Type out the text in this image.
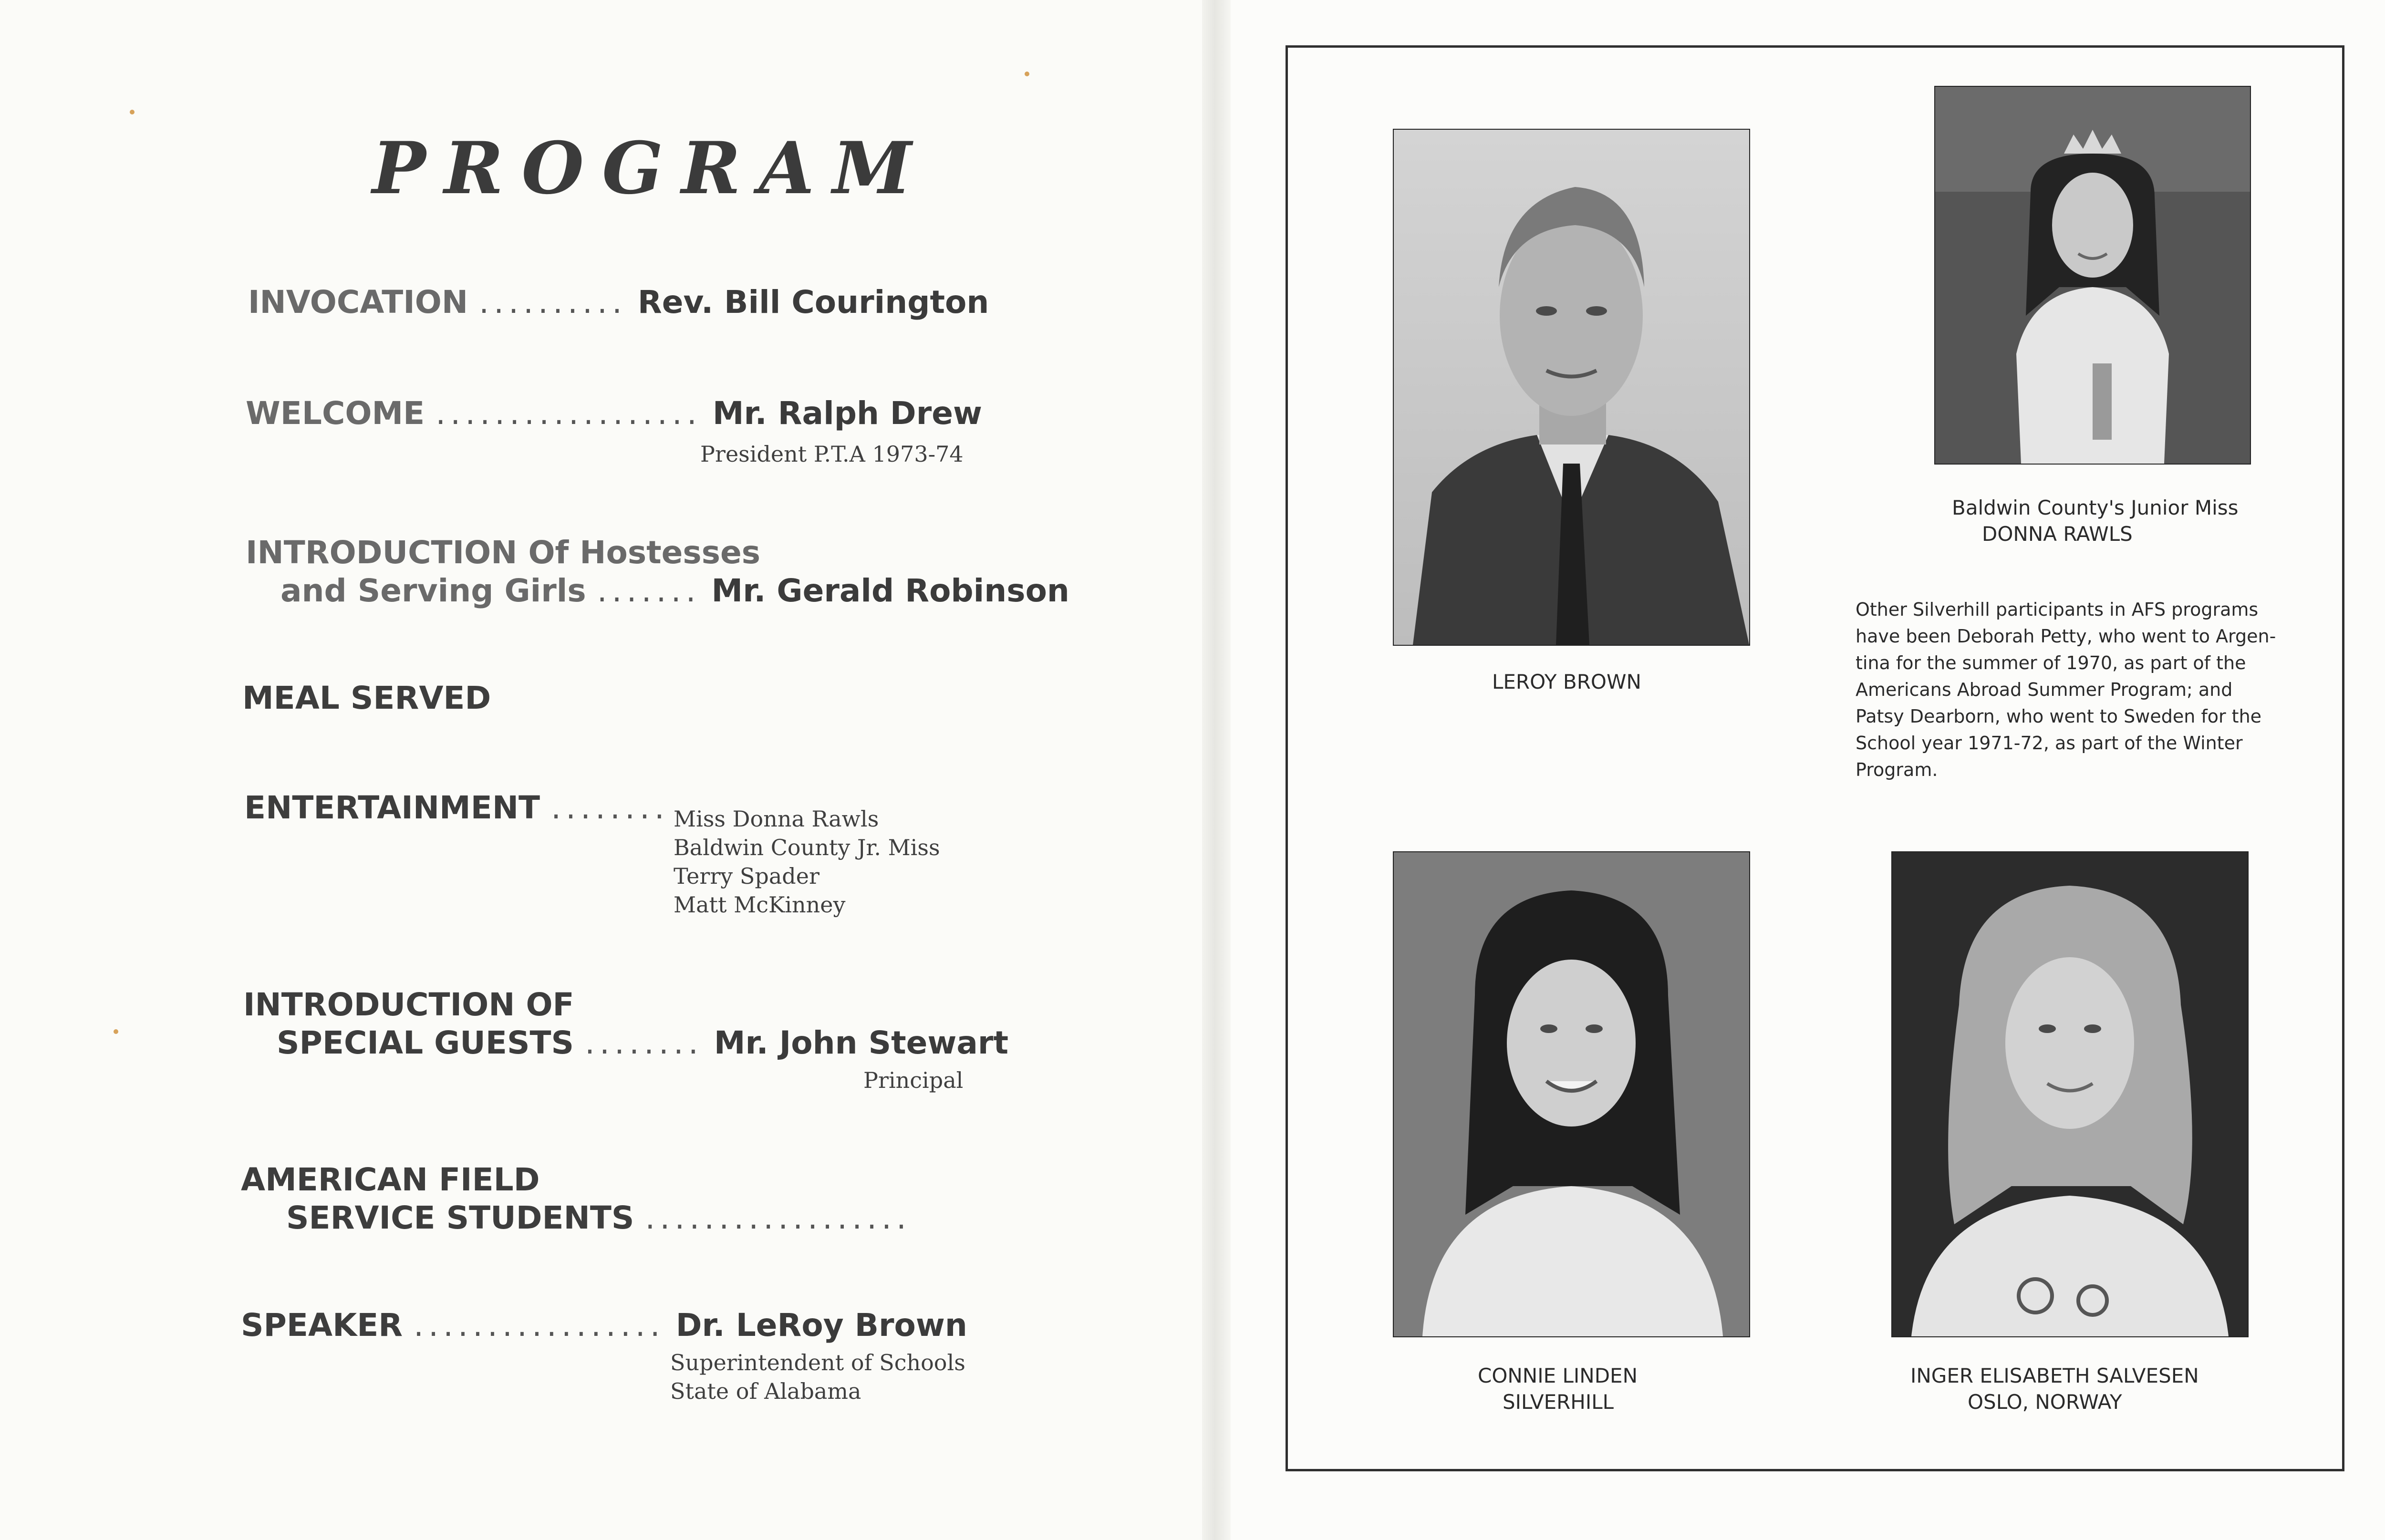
PROGRAM
INVOCATION .......... Rev. Bill Courington
WELCOME .................. Mr. Ralph Drew
President P.T.A 1973-74
INTRODUCTION Of Hostesses
and Serving Girls ....... Mr. Gerald Robinson
MEAL SERVED
ENTERTAINMENT ........ Miss Donna Rawls
Baldwin County Jr. Miss
Terry Spader
Matt McKinney
INTRODUCTION OF
SPECIAL GUESTS ........ Mr. John Stewart
Principal
AMERICAN FIELD
SERVICE STUDENTS ..................
SPEAKER ................. Dr. LeRoy Brown
Superintendent of Schools
State of Alabama
LEROY BROWN
Baldwin County's Junior Miss
DONNA RAWLS
Other Silverhill participants in AFS programs
have been Deborah Petty, who went to Argen-
tina for the summer of 1970, as part of the
Americans Abroad Summer Program; and
Patsy Dearborn, who went to Sweden for the
School year 1971-72, as part of the Winter
Program.
CONNIE LINDEN
SILVERHILL
INGER ELISABETH SALVESEN
OSLO, NORWAY
